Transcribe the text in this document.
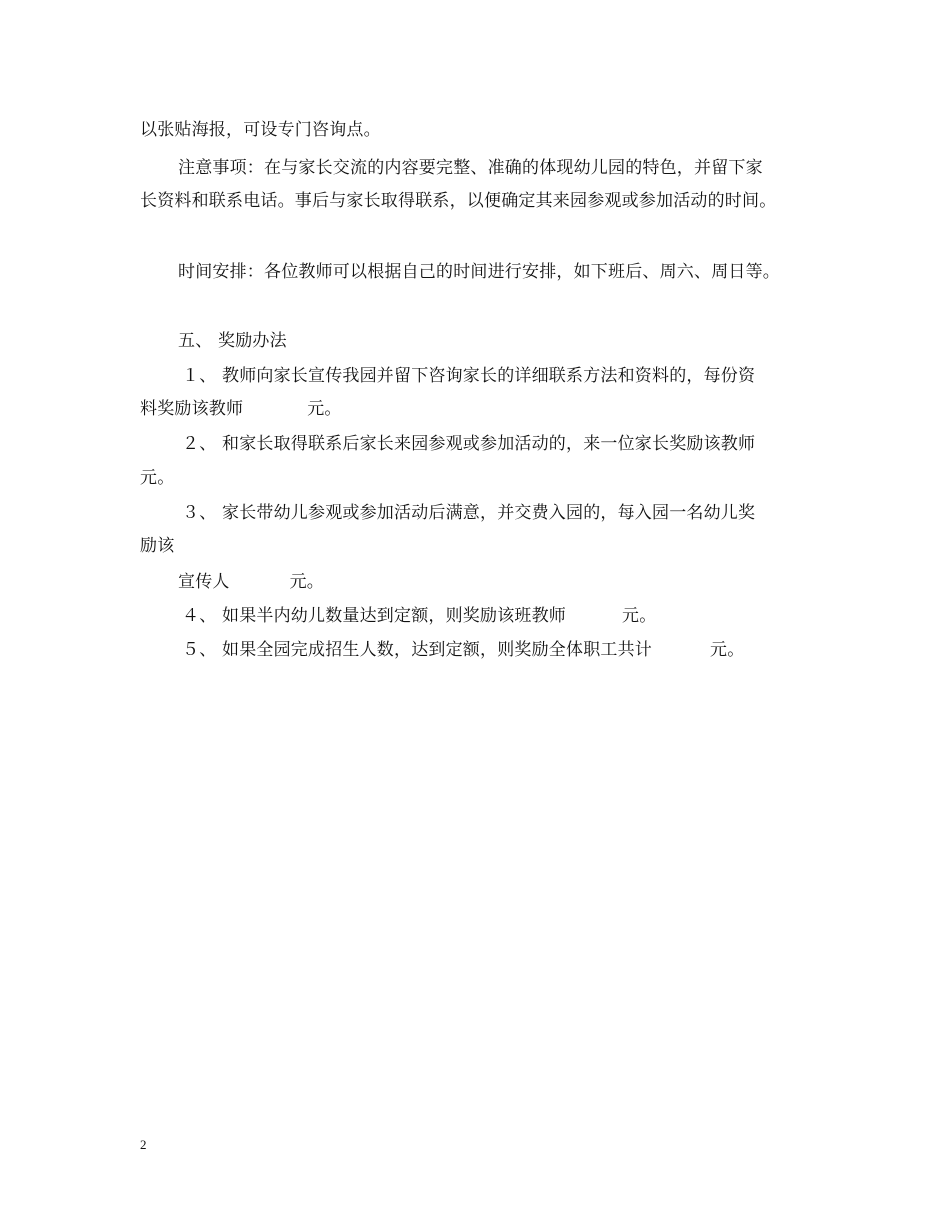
以张贴海报，可设专门咨询点。
注意事项：在与家长交流的内容要完整、准确的体现幼儿园的特色，并留下家
长资料和联系电话。事后与家长取得联系，以便确定其来园参观或参加活动的时间。
时间安排：各位教师可以根据自己的时间进行安排，如下班后、周六、周日等。
五、 奖励办法
１、 教师向家长宣传我园并留下咨询家长的详细联系方法和资料的，每份资
料奖励该教师	元。
２、 和家长取得联系后家长来园参观或参加活动的，来一位家长奖励该教师
元。
３、 家长带幼儿参观或参加活动后满意，并交费入园的，每入园一名幼儿奖
励该
宣传人	元。
４、 如果半内幼儿数量达到定额，则奖励该班教师	元。
５、 如果全园完成招生人数，达到定额，则奖励全体职工共计	元。
2
